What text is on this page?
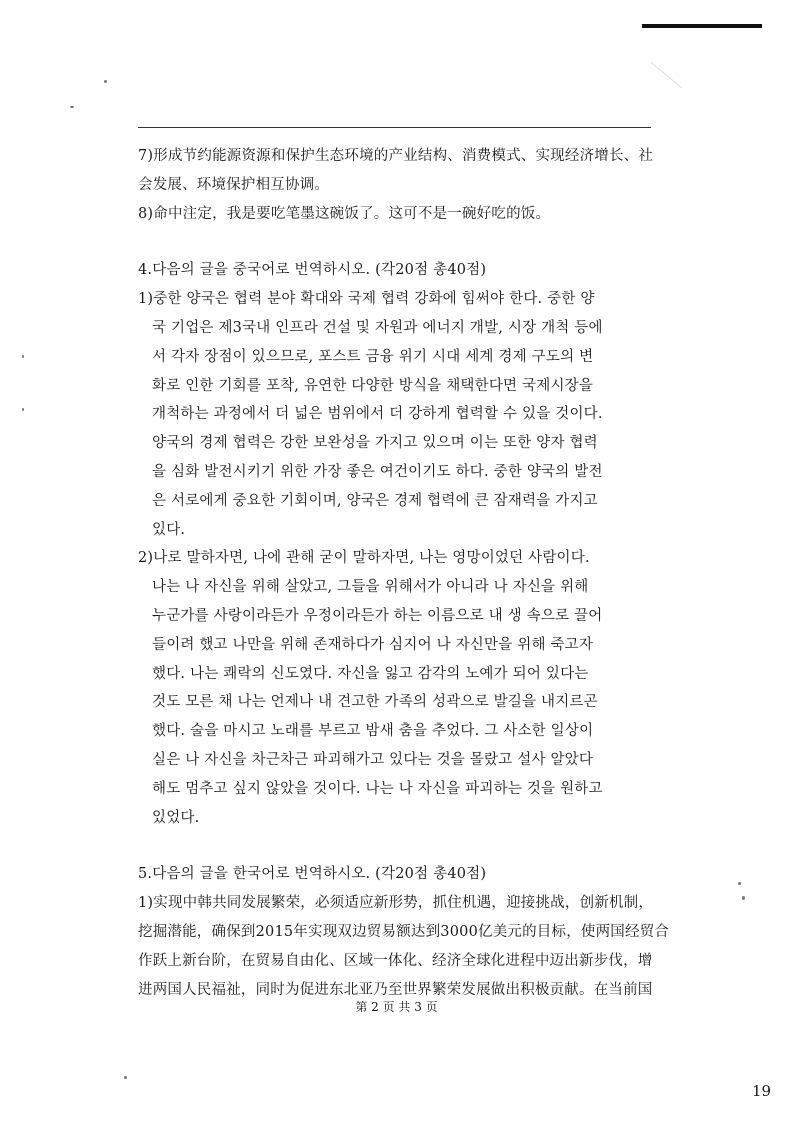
7)形成节约能源资源和保护生态环境的产业结构、消费模式、实现经济增长、社
会发展、环境保护相互协调。
8)命中注定，我是要吃笔墨这碗饭了。这可不是一碗好吃的饭。
4.다음의 글을 중국어로 번역하시오. (각20점 총40점)
1)중한 양국은 협력 분야 확대와 국제 협력 강화에 힘써야 한다. 중한 양
국 기업은 제3국내 인프라 건설 및 자원과 에너지 개발, 시장 개척 등에
서 각자 장점이 있으므로, 포스트 금융 위기 시대 세계 경제 구도의 변
화로 인한 기회를 포착, 유연한 다양한 방식을 채택한다면 국제시장을
개척하는 과정에서 더 넓은 범위에서 더 강하게 협력할 수 있을 것이다.
양국의 경제 협력은 강한 보완성을 가지고 있으며 이는 또한 양자 협력
을 심화 발전시키기 위한 가장 좋은 여건이기도 하다. 중한 양국의 발전
은 서로에게 중요한 기회이며, 양국은 경제 협력에 큰 잠재력을 가지고
있다.
2)나로 말하자면, 나에 관해 굳이 말하자면, 나는 영망이었던 사람이다.
나는 나 자신을 위해 살았고, 그들을 위해서가 아니라 나 자신을 위해
누군가를 사랑이라든가 우정이라든가 하는 이름으로 내 생 속으로 끌어
들이려 했고 나만을 위해 존재하다가 심지어 나 자신만을 위해 죽고자
했다. 나는 쾌락의 신도였다. 자신을 잃고 감각의 노예가 되어 있다는
것도 모른 채 나는 언제나 내 견고한 가족의 성곽으로 발길을 내지르곤
했다. 술을 마시고 노래를 부르고 밤새 춤을 추었다. 그 사소한 일상이
실은 나 자신을 차근차근 파괴해가고 있다는 것을 몰랐고 설사 알았다
해도 멈추고 싶지 않았을 것이다. 나는 나 자신을 파괴하는 것을 원하고
있었다.
5.다음의 글을 한국어로 번역하시오. (각20점 총40점)
1)实现中韩共同发展繁荣，必须适应新形势，抓住机遇，迎接挑战，创新机制，
挖掘潜能，确保到2015年实现双边贸易额达到3000亿美元的目标，使两国经贸合
作跃上新台阶，在贸易自由化、区域一体化、经济全球化进程中迈出新步伐，增
进两国人民福祉，同时为促进东北亚乃至世界繁荣发展做出积极贡献。在当前国
第 2 页 共 3 页
19
